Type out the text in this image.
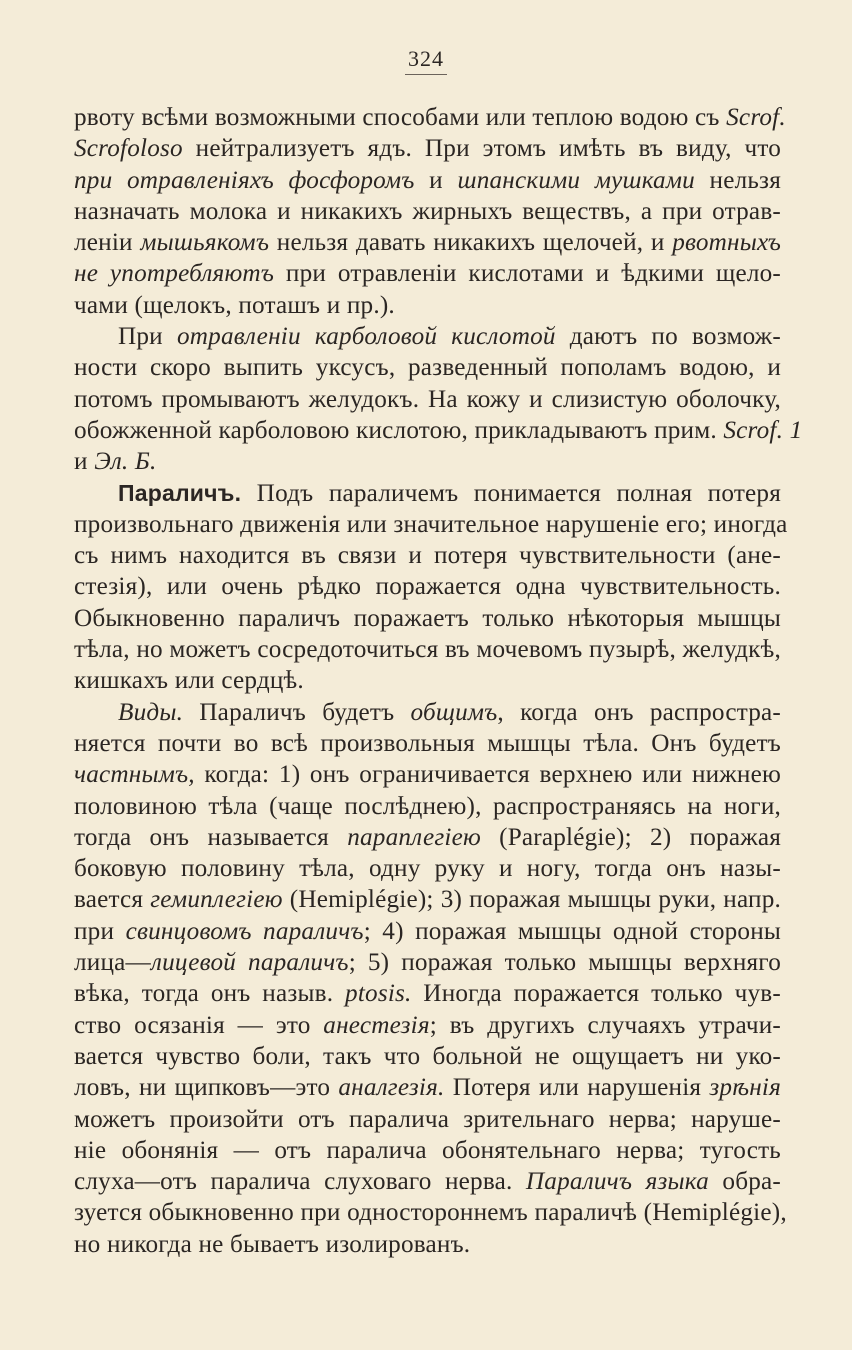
324
рвоту всѣми возможными способами или теплою водою съ Scrof.
Scrofoloso нейтрализуетъ ядъ. При этомъ имѣть въ виду, что
при отравленіяхъ фосфоромъ и шпанскими мушками нельзя
назначать молока и никакихъ жирныхъ веществъ, а при отрав-
леніи мышьякомъ нельзя давать никакихъ щелочей, и рвотныхъ
не употребляютъ при отравленіи кислотами и ѣдкими щело-
чами (щелокъ, поташъ и пр.).
При отравленіи карболовой кислотой даютъ по возмож-
ности скоро выпить уксусъ, разведенный пополамъ водою, и
потомъ промываютъ желудокъ. На кожу и слизистую оболочку,
обожженной карболовою кислотою, прикладываютъ прим. Scrof. 1
и Эл. Б.
Параличъ. Подъ параличемъ понимается полная потеря
произвольнаго движенія или значительное нарушеніе его; иногда
съ нимъ находится въ связи и потеря чувствительности (ане-
стезія), или очень рѣдко поражается одна чувствительность.
Обыкновенно параличъ поражаетъ только нѣкоторыя мышцы
тѣла, но можетъ сосредоточиться въ мочевомъ пузырѣ, желудкѣ,
кишкахъ или сердцѣ.
Виды. Параличъ будетъ общимъ, когда онъ распростра-
няется почти во всѣ произвольныя мышцы тѣла. Онъ будетъ
частнымъ, когда: 1) онъ ограничивается верхнею или нижнею
половиною тѣла (чаще послѣднею), распространяясь на ноги,
тогда онъ называется параплегіею (Paraplégie); 2) поражая
боковую половину тѣла, одну руку и ногу, тогда онъ назы-
вается гемиплегіею (Hemiplégie); 3) поражая мышцы руки, напр.
при свинцовомъ параличъ; 4) поражая мышцы одной стороны
лица—лицевой параличъ; 5) поражая только мышцы верхняго
вѣка, тогда онъ назыв. ptosis. Иногда поражается только чув-
ство осязанія — это анестезія; въ другихъ случаяхъ утрачи-
вается чувство боли, такъ что больной не ощущаетъ ни уко-
ловъ, ни щипковъ—это аналгезія. Потеря или нарушенія зрѣнія
можетъ произойти отъ паралича зрительнаго нерва; наруше-
ніе обонянія — отъ паралича обонятельнаго нерва; тугость
слуха—отъ паралича слуховаго нерва. Параличъ языка обра-
зуется обыкновенно при одностороннемъ параличѣ (Hemiplégie),
но никогда не бываетъ изолированъ.
